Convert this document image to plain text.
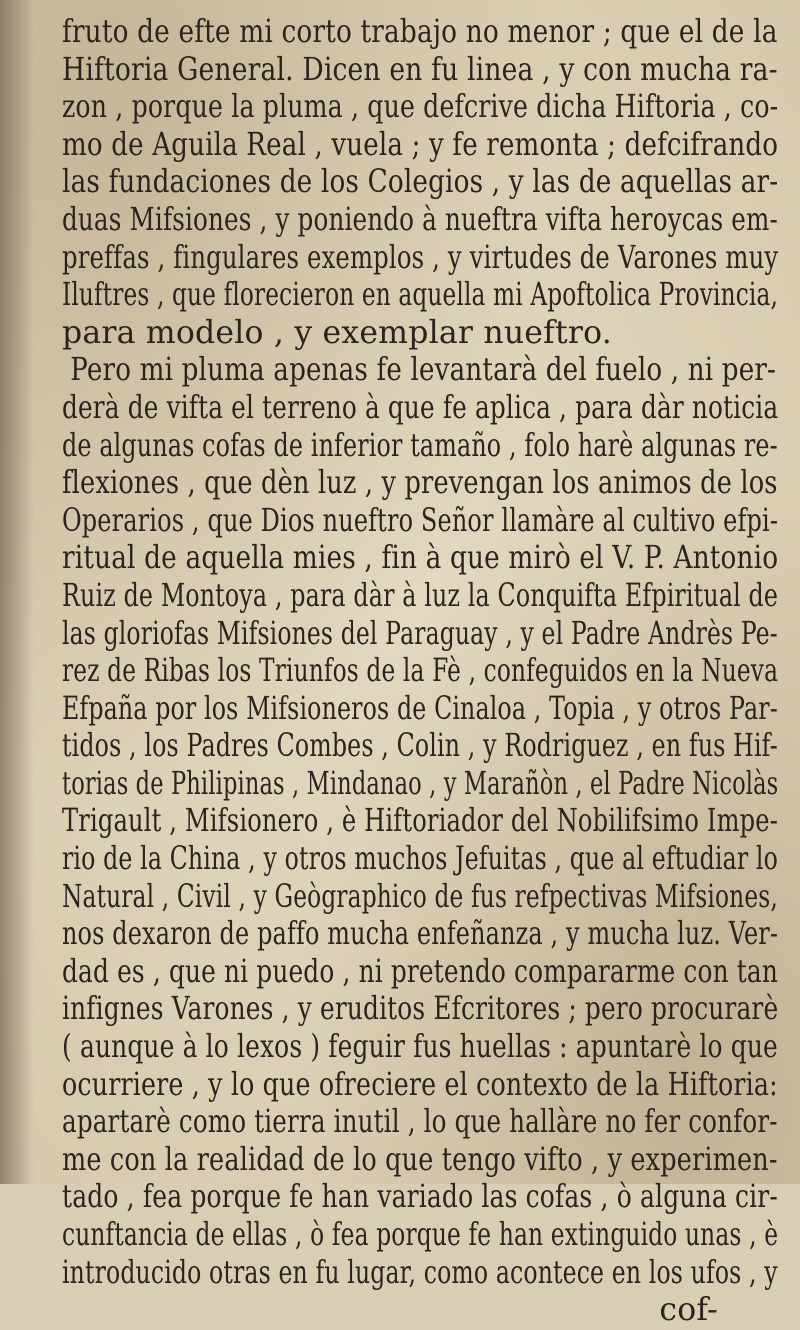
fruto de efte mi corto trabajo no menor ; que el de la
Hiftoria General. Dicen en fu linea , y con mucha ra-
zon , porque la pluma , que defcrive dicha Hiftoria , co-
mo de Aguila Real , vuela ; y fe remonta ; defcifrando
las fundaciones de los Colegios , y las de aquellas ar-
duas Mifsiones , y poniendo à nueftra vifta heroycas em-
preffas , fingulares exemplos , y virtudes de Varones muy
Iluftres , que florecieron en aquella mi Apoftolica Provincia,
para modelo , y exemplar nueftro.
Pero mi pluma apenas fe levantarà del fuelo , ni per-
derà de vifta el terreno à que fe aplica , para dàr noticia
de algunas cofas de inferior tamaño , folo harè algunas re-
flexiones , que dèn luz , y prevengan los animos de los
Operarios , que Dios nueftro Señor llamàre al cultivo efpi-
ritual de aquella mies , fin à que mirò el V. P. Antonio
Ruiz de Montoya , para dàr à luz la Conquifta Efpiritual de
las gloriofas Mifsiones del Paraguay , y el Padre Andrès Pe-
rez de Ribas los Triunfos de la Fè , confeguidos en la Nueva
Efpaña por los Mifsioneros de Cinaloa , Topia , y otros Par-
tidos , los Padres Combes , Colin , y Rodriguez , en fus Hif-
torias de Philipinas , Mindanao , y Marañòn , el Padre Nicolàs
Trigault , Mifsionero , è Hiftoriador del Nobilifsimo Impe-
rio de la China , y otros muchos Jefuitas , que al eftudiar lo
Natural , Civil , y Geògraphico de fus refpectivas Mifsiones,
nos dexaron de paffo mucha enfeñanza , y mucha luz. Ver-
dad es , que ni puedo , ni pretendo compararme con tan
infignes Varones , y eruditos Efcritores ; pero procurarè
( aunque à lo lexos ) feguir fus huellas : apuntarè lo que
ocurriere , y lo que ofreciere el contexto de la Hiftoria:
apartarè como tierra inutil , lo que hallàre no fer confor-
me con la realidad de lo que tengo vifto , y experimen-
tado , fea porque fe han variado las cofas , ò alguna cir-
cunftancia de ellas , ò fea porque fe han extinguido unas , è
introducido otras en fu lugar, como acontece en los ufos , y
cof-
